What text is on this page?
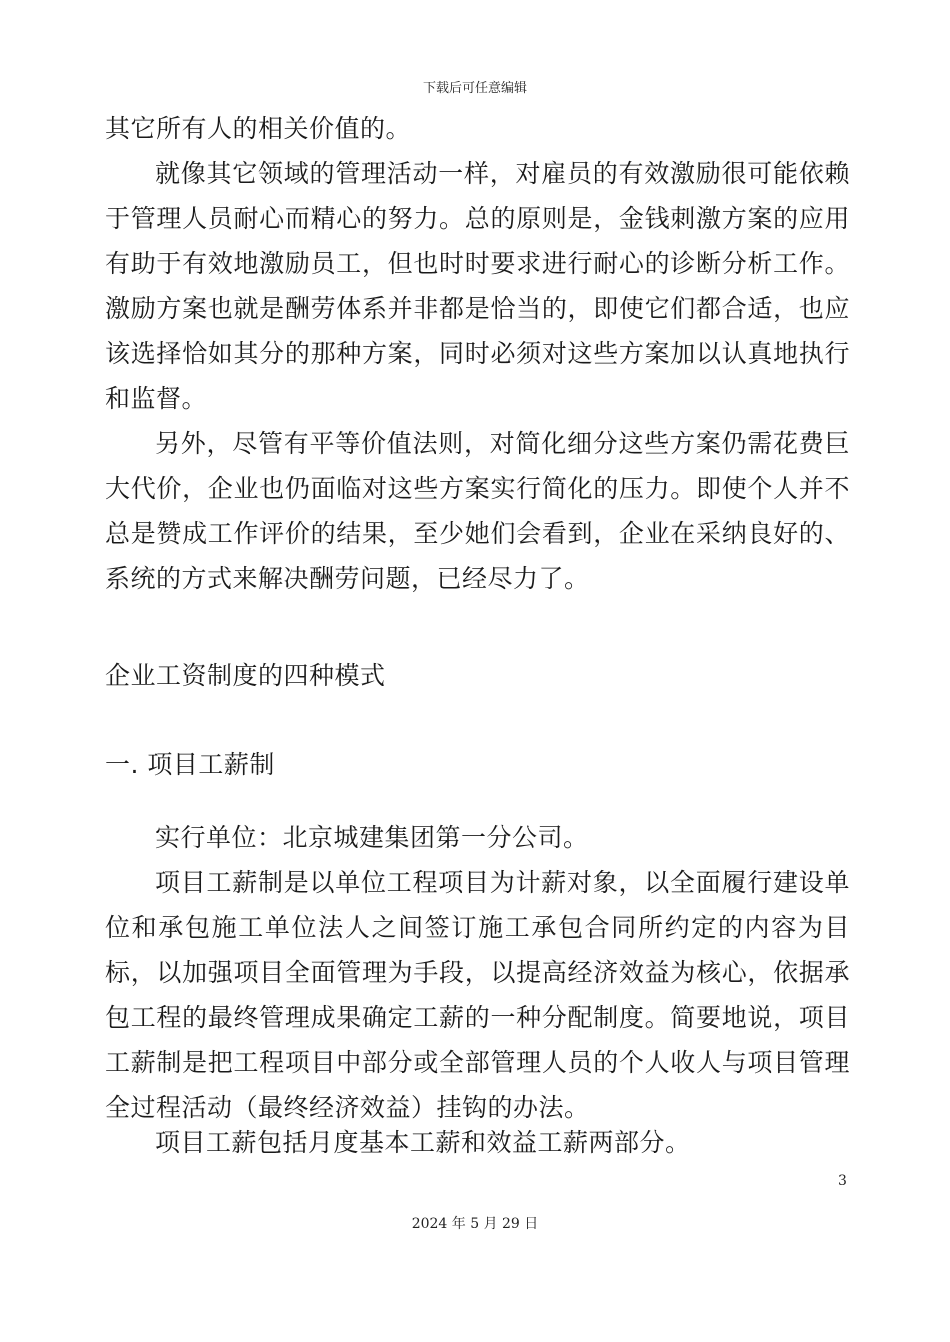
下载后可任意编辑

其它所有人的相关价值的。

就像其它领域的管理活动一样，对雇员的有效激励很可能依赖于管理人员耐心而精心的努力。总的原则是，金钱刺激方案的应用有助于有效地激励员工，但也时时要求进行耐心的诊断分析工作。激励方案也就是酬劳体系并非都是恰当的，即使它们都合适，也应该选择恰如其分的那种方案，同时必须对这些方案加以认真地执行和监督。

另外，尽管有平等价值法则，对简化细分这些方案仍需花费巨大代价，企业也仍面临对这些方案实行简化的压力。即使个人并不总是赞成工作评价的结果，至少她们会看到，企业在采纳良好的、系统的方式来解决酬劳问题，已经尽力了。

企业工资制度的四种模式

一. 项目工薪制

实行单位：北京城建集团第一分公司。

项目工薪制是以单位工程项目为计薪对象，以全面履行建设单位和承包施工单位法人之间签订施工承包合同所约定的内容为目标，以加强项目全面管理为手段，以提高经济效益为核心，依据承包工程的最终管理成果确定工薪的一种分配制度。简要地说，项目工薪制是把工程项目中部分或全部管理人员的个人收人与项目管理全过程活动（最终经济效益）挂钩的办法。

项目工薪包括月度基本工薪和效益工薪两部分。

3
2024 年 5 月 29 日
